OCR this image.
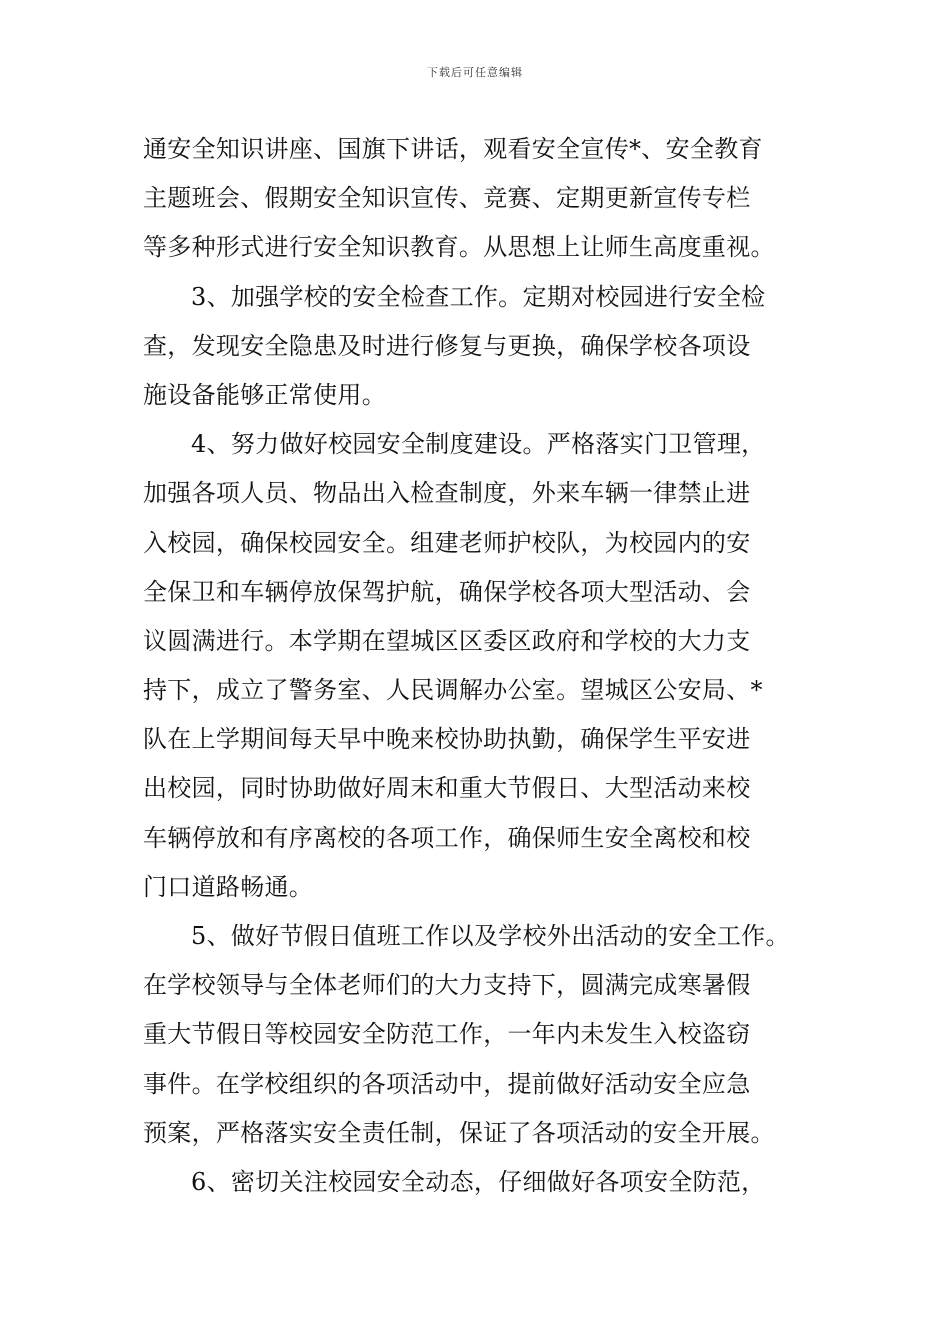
下载后可任意编辑
通安全知识讲座、国旗下讲话，观看安全宣传*、安全教育
主题班会、假期安全知识宣传、竞赛、定期更新宣传专栏
等多种形式进行安全知识教育。从思想上让师生高度重视。
3、加强学校的安全检查工作。定期对校园进行安全检
查，发现安全隐患及时进行修复与更换，确保学校各项设
施设备能够正常使用。
4、努力做好校园安全制度建设。严格落实门卫管理，
加强各项人员、物品出入检查制度，外来车辆一律禁止进
入校园，确保校园安全。组建老师护校队，为校园内的安
全保卫和车辆停放保驾护航，确保学校各项大型活动、会
议圆满进行。本学期在望城区区委区政府和学校的大力支
持下，成立了警务室、人民调解办公室。望城区公安局、*
队在上学期间每天早中晚来校协助执勤，确保学生平安进
出校园，同时协助做好周末和重大节假日、大型活动来校
车辆停放和有序离校的各项工作，确保师生安全离校和校
门口道路畅通。
5、做好节假日值班工作以及学校外出活动的安全工作。
在学校领导与全体老师们的大力支持下，圆满完成寒暑假
重大节假日等校园安全防范工作，一年内未发生入校盗窃
事件。在学校组织的各项活动中，提前做好活动安全应急
预案，严格落实安全责任制，保证了各项活动的安全开展。
6、密切关注校园安全动态，仔细做好各项安全防范，
